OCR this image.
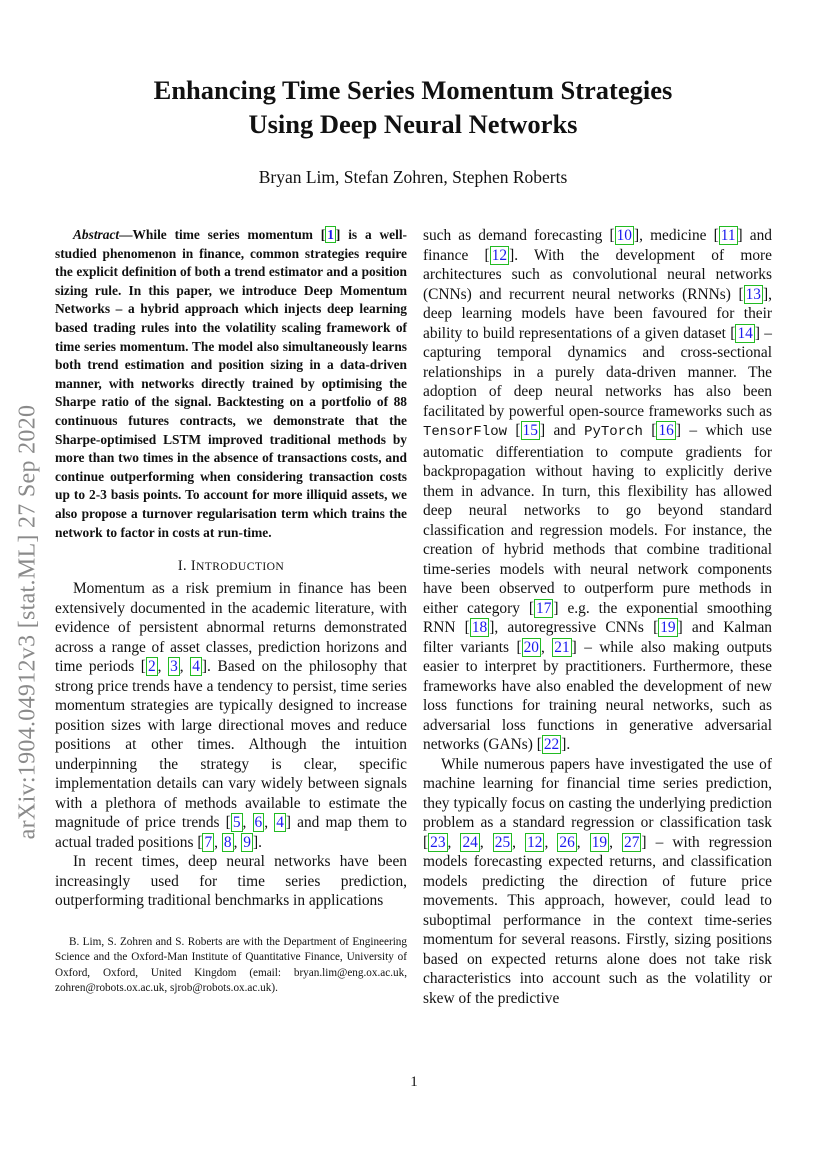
arXiv:1904.04912v3 [stat.ML] 27 Sep 2020
Enhancing Time Series Momentum Strategies
Using Deep Neural Networks
Bryan Lim, Stefan Zohren, Stephen Roberts

Abstract—While time series momentum [ 1 ] is a well-studied phenomenon in finance, common strategies require the explicit definition of both a trend estimator and a position sizing rule. In this paper, we introduce Deep Momentum Networks – a hybrid approach which injects deep learning based trading rules into the volatility scaling framework of time series momentum. The model also simultaneously learns both trend estimation and position sizing in a data-driven manner, with networks directly trained by optimising the Sharpe ratio of the signal. Backtesting on a portfolio of 88 continuous futures contracts, we demonstrate that the Sharpe-optimised LSTM improved traditional methods by more than two times in the absence of transactions costs, and continue outperforming when considering transaction costs up to 2-3 basis points. To account for more illiquid assets, we also propose a turnover regularisation term which trains the network to factor in costs at run-time.

I. INTRODUCTION

Momentum as a risk premium in finance has been extensively documented in the academic literature, with evidence of persistent abnormal returns demonstrated across a range of asset classes, prediction horizons and time periods [ 2 , 3 , 4 ]. Based on the philosophy that strong price trends have a tendency to persist, time series momentum strategies are typically designed to increase position sizes with large directional moves and reduce positions at other times. Although the intuition underpinning the strategy is clear, specific implementation details can vary widely between signals with a plethora of methods available to estimate the magnitude of price trends [ 5 , 6 , 4 ] and map them to actual traded positions [ 7 , 8 , 9 ].

In recent times, deep neural networks have been increasingly used for time series prediction, outperforming traditional benchmarks in applications

B. Lim, S. Zohren and S. Roberts are with the Department of Engineering Science and the Oxford-Man Institute of Quantitative Finance, University of Oxford, Oxford, United Kingdom (email: bryan.lim@eng.ox.ac.uk, zohren@robots.ox.ac.uk, sjrob@robots.ox.ac.uk).

such as demand forecasting [ 10 ], medicine [ 11 ] and finance [ 12 ]. With the development of more architectures such as convolutional neural networks (CNNs) and recurrent neural networks (RNNs) [ 13 ], deep learning models have been favoured for their ability to build representations of a given dataset [ 14 ] – capturing temporal dynamics and cross-sectional relationships in a purely data-driven manner. The adoption of deep neural networks has also been facilitated by powerful open-source frameworks such as TensorFlow [ 15 ] and PyTorch [ 16 ] – which use automatic differentiation to compute gradients for backpropagation without having to explicitly derive them in advance. In turn, this flexibility has allowed deep neural networks to go beyond standard classification and regression models. For instance, the creation of hybrid methods that combine traditional time-series models with neural network components have been observed to outperform pure methods in either category [ 17 ] e.g. the exponential smoothing RNN [ 18 ], autoregressive CNNs [ 19 ] and Kalman filter variants [ 20 , 21 ] – while also making outputs easier to interpret by practitioners. Furthermore, these frameworks have also enabled the development of new loss functions for training neural networks, such as adversarial loss functions in generative adversarial networks (GANs) [ 22 ].

While numerous papers have investigated the use of machine learning for financial time series prediction, they typically focus on casting the underlying prediction problem as a standard regression or classification task [ 23 , 24 , 25 , 12 , 26 , 19 , 27 ] – with regression models forecasting expected returns, and classification models predicting the direction of future price movements. This approach, however, could lead to suboptimal performance in the context time-series momentum for several reasons. Firstly, sizing positions based on expected returns alone does not take risk characteristics into account such as the volatility or skew of the predictive

1
